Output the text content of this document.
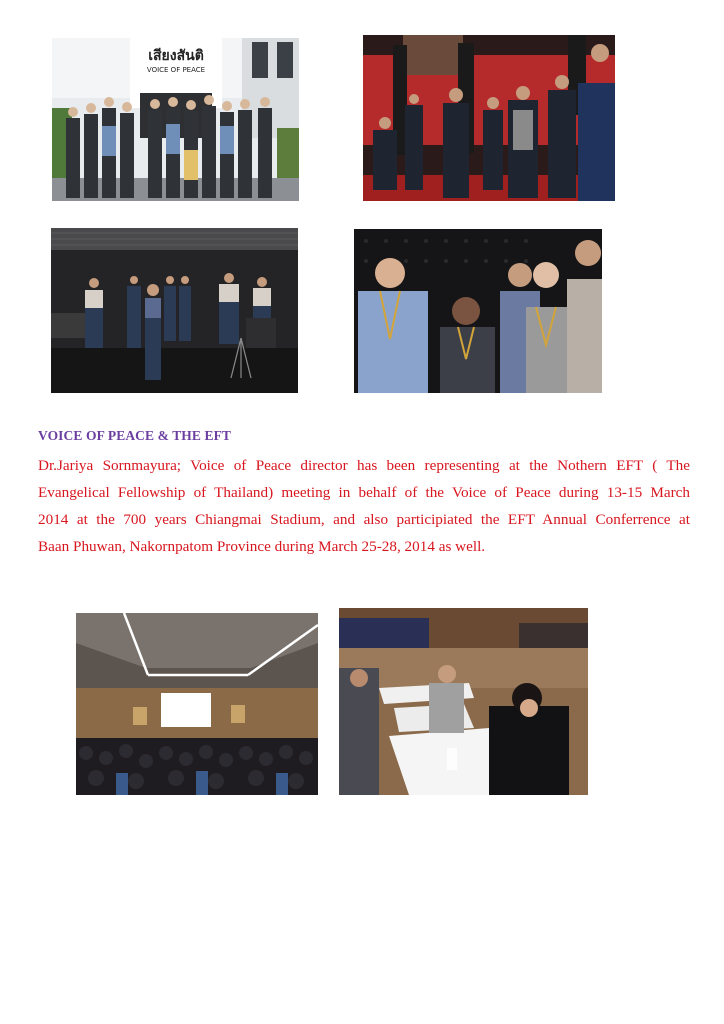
เสียงสันติ
VOICE OF PEACE
VOICE OF PEACE & THE EFT
Dr.Jariya Sornmayura; Voice of Peace director has been representing at the Nothern EFT ( The
Evangelical Fellowship of Thailand) meeting in behalf of the Voice of Peace during 13-15 March
2014 at the 700 years Chiangmai Stadium, and also participiated the EFT Annual Conferrence at
Baan Phuwan, Nakornpatom Province during March 25-28, 2014 as well.
